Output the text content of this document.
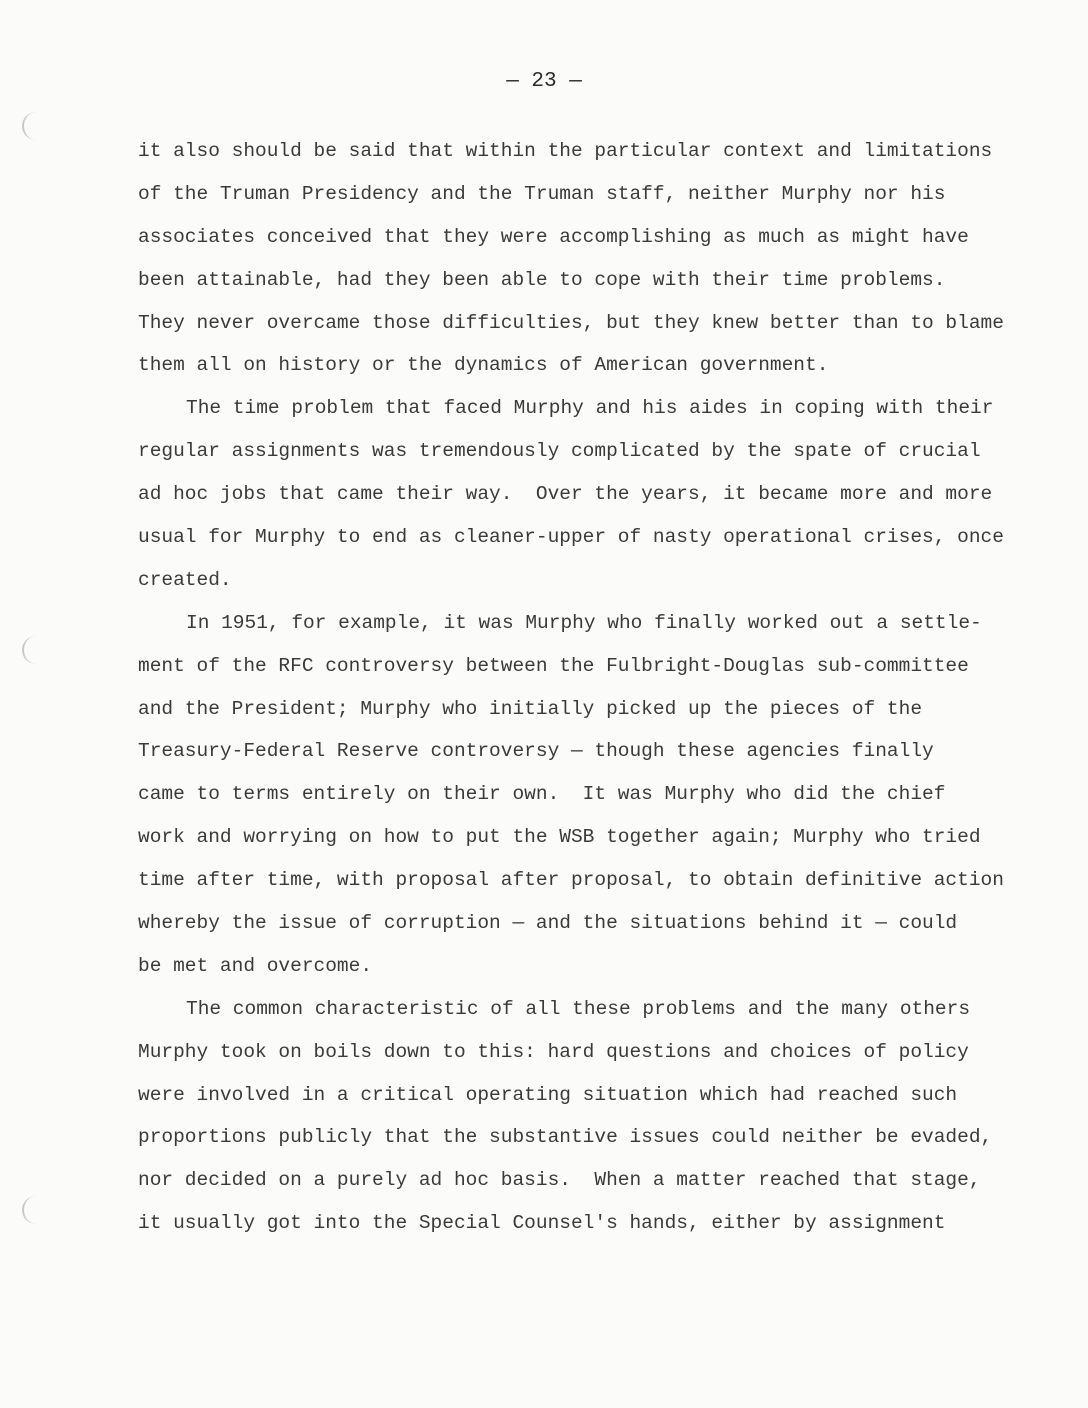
— 23 —
it also should be said that within the particular context and limitations
of the Truman Presidency and the Truman staff, neither Murphy nor his
associates conceived that they were accomplishing as much as might have
been attainable, had they been able to cope with their time problems.
They never overcame those difficulties, but they knew better than to blame
them all on history or the dynamics of American government.
The time problem that faced Murphy and his aides in coping with their
regular assignments was tremendously complicated by the spate of crucial
ad hoc jobs that came their way.  Over the years, it became more and more
usual for Murphy to end as cleaner-upper of nasty operational crises, once
created.
In 1951, for example, it was Murphy who finally worked out a settle-
ment of the RFC controversy between the Fulbright-Douglas sub-committee
and the President; Murphy who initially picked up the pieces of the
Treasury-Federal Reserve controversy — though these agencies finally
came to terms entirely on their own.  It was Murphy who did the chief
work and worrying on how to put the WSB together again; Murphy who tried
time after time, with proposal after proposal, to obtain definitive action
whereby the issue of corruption — and the situations behind it — could
be met and overcome.
The common characteristic of all these problems and the many others
Murphy took on boils down to this: hard questions and choices of policy
were involved in a critical operating situation which had reached such
proportions publicly that the substantive issues could neither be evaded,
nor decided on a purely ad hoc basis.  When a matter reached that stage,
it usually got into the Special Counsel's hands, either by assignment
